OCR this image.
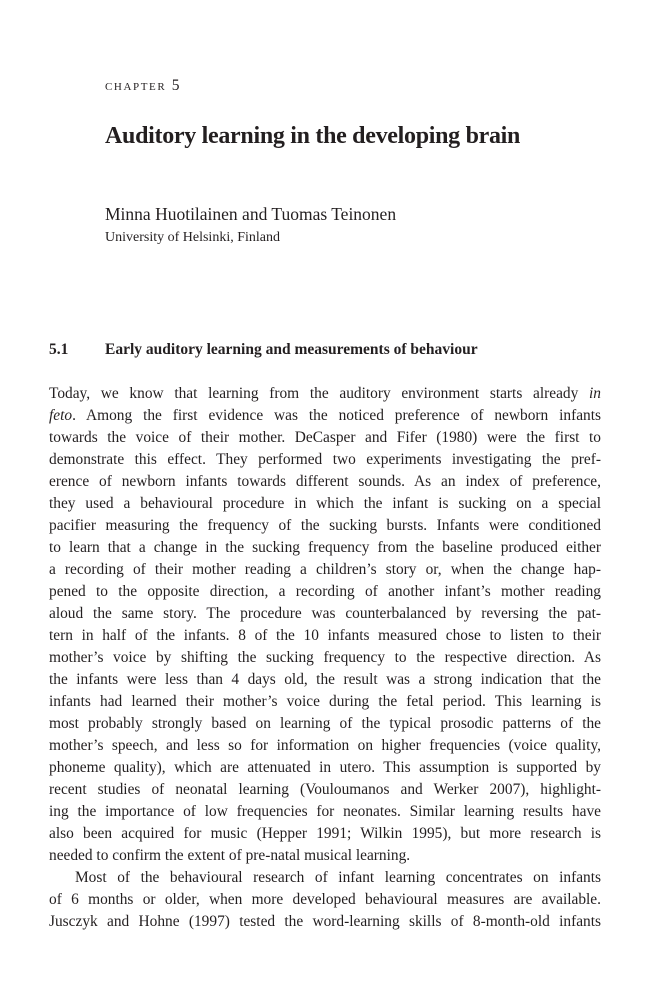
chapter 5
Auditory learning in the developing brain
Minna Huotilainen and Tuomas Teinonen
University of Helsinki, Finland
5.1 Early auditory learning and measurements of behaviour
Today, we know that learning from the auditory environment starts already in
feto. Among the first evidence was the noticed preference of newborn infants
towards the voice of their mother. DeCasper and Fifer (1980) were the first to
demonstrate this effect. They performed two experiments investigating the pref-
erence of newborn infants towards different sounds. As an index of preference,
they used a behavioural procedure in which the infant is sucking on a special
pacifier measuring the frequency of the sucking bursts. Infants were conditioned
to learn that a change in the sucking frequency from the baseline produced either
a recording of their mother reading a children’s story or, when the change hap-
pened to the opposite direction, a recording of another infant’s mother reading
aloud the same story. The procedure was counterbalanced by reversing the pat-
tern in half of the infants. 8 of the 10 infants measured chose to listen to their
mother’s voice by shifting the sucking frequency to the respective direction. As
the infants were less than 4 days old, the result was a strong indication that the
infants had learned their mother’s voice during the fetal period. This learning is
most probably strongly based on learning of the typical prosodic patterns of the
mother’s speech, and less so for information on higher frequencies (voice quality,
phoneme quality), which are attenuated in utero. This assumption is supported by
recent studies of neonatal learning (Vouloumanos and Werker 2007), highlight-
ing the importance of low frequencies for neonates. Similar learning results have
also been acquired for music (Hepper 1991; Wilkin 1995), but more research is
needed to confirm the extent of pre-natal musical learning.
Most of the behavioural research of infant learning concentrates on infants
of 6 months or older, when more developed behavioural measures are available.
Jusczyk and Hohne (1997) tested the word-learning skills of 8-month-old infants
